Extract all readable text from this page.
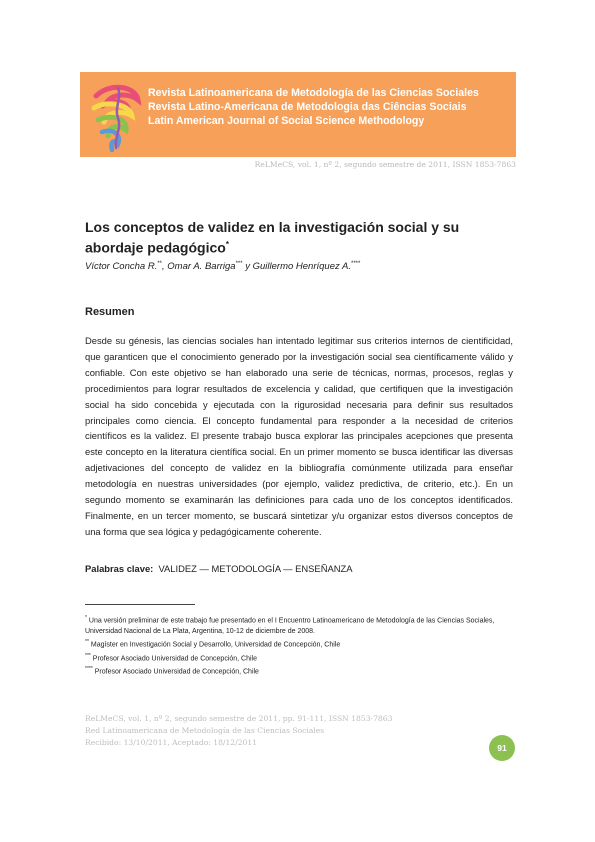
Revista Latinoamericana de Metodología de las Ciencias Sociales
Revista Latino-Americana de Metodologia das Ciências Sociais
Latin American Journal of Social Science Methodology
ReLMeCS, vol. 1, nº 2, segundo semestre de 2011, ISSN 1853-7863
Los conceptos de validez en la investigación social y su abordaje pedagógico*
Víctor Concha R.**, Omar A. Barriga*** y Guillermo Henríquez A.****
Resumen

Desde su génesis, las ciencias sociales han intentado legitimar sus criterios internos de cientificidad, que garanticen que el conocimiento generado por la investigación social sea científicamente válido y confiable. Con este objetivo se han elaborado una serie de técnicas, normas, procesos, reglas y procedimientos para lograr resultados de excelencia y calidad, que certifiquen que la investigación social ha sido concebida y ejecutada con la rigurosidad necesaria para definir sus resultados principales como ciencia. El concepto fundamental para responder a la necesidad de criterios científicos es la validez. El presente trabajo busca explorar las principales acepciones que presenta este concepto en la literatura científica social. En un primer momento se busca identificar las diversas adjetivaciones del concepto de validez en la bibliografía comúnmente utilizada para enseñar metodología en nuestras universidades (por ejemplo, validez predictiva, de criterio, etc.). En un segundo momento se examinarán las definiciones para cada uno de los conceptos identificados. Finalmente, en un tercer momento, se buscará sintetizar y/u organizar estos diversos conceptos de una forma que sea lógica y pedagógicamente coherente.

Palabras clave: VALIDEZ — METODOLOGÍA — ENSEÑANZA
* Una versión preliminar de este trabajo fue presentado en el I Encuentro Latinoamericano de Metodología de las Ciencias Sociales, Universidad Nacional de La Plata, Argentina, 10-12 de diciembre de 2008.
** Magíster en Investigación Social y Desarrollo, Universidad de Concepción, Chile
*** Profesor Asociado Universidad de Concepción, Chile
**** Profesor Asociado Universidad de Concepción, Chile
ReLMeCS, vol. 1, nº 2, segundo semestre de 2011, pp. 91-111, ISSN 1853-7863
Red Latinoamericana de Metodología de las Ciencias Sociales
Recibido: 13/10/2011, Aceptado: 18/12/2011
91
